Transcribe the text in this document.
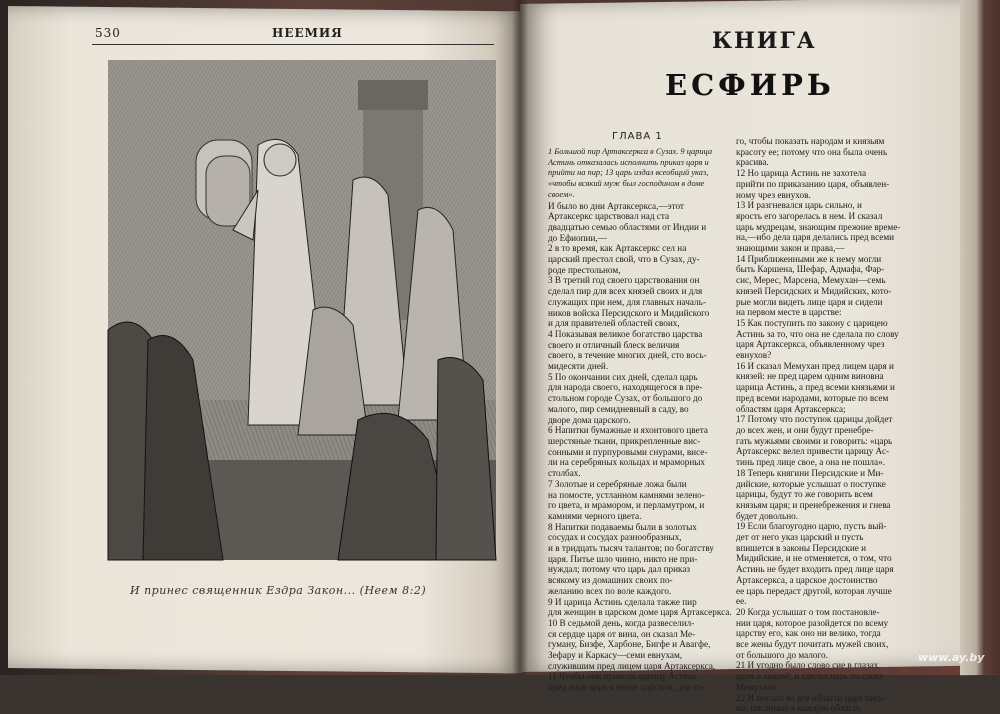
530	НЕЕМИЯ
И принес священник Ездра Закон... (Неем 8:2)
КНИГА
ЕСФИРЬ
ГЛАВА 1

1 Большой пир Артаксеркса в Сузах. 9 царица

Астинь отказалась исполнить приказ царя и

прийти на пир; 13 царь издал всеобщий указ,

«чтобы всякий муж был господином в доме

своем».

И было во дни Артаксеркса,—этот

Артаксеркс царствовал над ста

двадцатью семью областями от Индии и

до Ефиопии,—

2 в то время, как Артаксеркс сел на

царский престол свой, что в Сузах, ду-

роде престольном,

3 В третий год своего царствования он

сделал пир для всех князей своих и для

служащих при нем, для главных началь-

ников войска Персидского и Мидийского

и для правителей областей своих,

4 Показывая великое богатство царства

своего и отличный блеск величия

своего, в течение многих дней, сто вось-

мидесяти дней.

5 По окончании сих дней, сделал царь

для народа своего, находящегося в пре-

стольном городе Сузах, от большого до

малого, пир семидневный в саду, во

дворе дома царского.

6 Напитки бумажные и яхонтового цвета

шерстяные ткани, прикрепленные вис-

сонными и пурпуровыми снурами, висе-

ли на серебряных кольцах и мраморных

столбах.

7 Золотые и серебряные ложа были

на помосте, устланном камнями зелено-

го цвета, и мрамором, и перламутром, и

камнями черного цвета.

8 Напитки подаваемы были в золотых

сосудах и сосудах разнообразных,

и в тридцать тысяч талантов; по богатству

царя. Питье шло чинно, никто не при-

нуждал; потому что царь дал приказ

всякому из домашних своих по-

желанию всех по воле каждого.

9 И царица Астинь сделала также пир

для женщин в царском доме царя Артаксеркса.

10 В седьмой день, когда развеселил-

ся сердце царя от вина, он сказал Ме-

гуману, Бизфе, Харбоне, Бигфе и Авагфе,

Зефару и Каркасу—семи евнухам,

служившим пред лицем царя Артаксеркса,

11 Чтобы они привели царицу Астинь

пред лице царя в венце царском, для то-

го, чтобы показать народам и князьям

красоту ее; потому что она была очень

красива.

12 Но царица Астинь не захотела

прийти по приказанию царя, объявлен-

ному чрез евнухов.

13 И разгневался царь сильно, и

ярость его загорелась в нем. И сказал

царь мудрецам, знающим прежние време-

на,—ибо дела царя делались пред всеми

знающими закон и права,—

14 Приближенными же к нему могли

быть Каршена, Шефар, Адмафа, Фар-

сис, Мерес, Марсена, Мемухан—семь

князей Персидских и Мидийских, кото-

рые могли видеть лице царя и сидели

на первом месте в царстве:

15 Как поступить по закону с царицею

Астинь за то, что она не сделала по слову

царя Артаксеркса, объявленному чрез

евнухов?

16 И сказал Мемухан пред лицем царя и

князей: не пред царем одним виновна

царица Астинь, а пред всеми князьями и

пред всеми народами, которые по всем

областям царя Артаксеркса;

17 Потому что поступок царицы дойдет

до всех жен, и они будут пренебре-

гать мужьями своими и говорить: «царь

Артаксеркс велел привести царицу Ас-

тинь пред лице свое, а она не пошла».

18 Теперь княгини Персидские и Ми-

дийские, которые услышат о поступке

царицы, будут то же говорить всем

князьям царя; и пренебрежения и гнева

будет довольно.

19 Если благоугодно царю, пусть вый-

дет от него указ царский и пусть

впишется в законы Персидские и

Мидийские, и не отменяется, о том, что

Астинь не будет входить пред лице царя

Артаксеркса, а царское достоинство

ее царь передаст другой, которая лучше

ее.

20 Когда услышат о том постановле-

нии царя, которое разойдется по всему

царству его, как оно ни велико, тогда

все жены будут почитать мужей своих,

от большого до малого.

21 И угодно было слово сие в глазах

царя и князей; и сделал царь по слову

Мемухана.

22 И послал во все области царя пись-

ма, писанные в каждую область

www.ay.by
